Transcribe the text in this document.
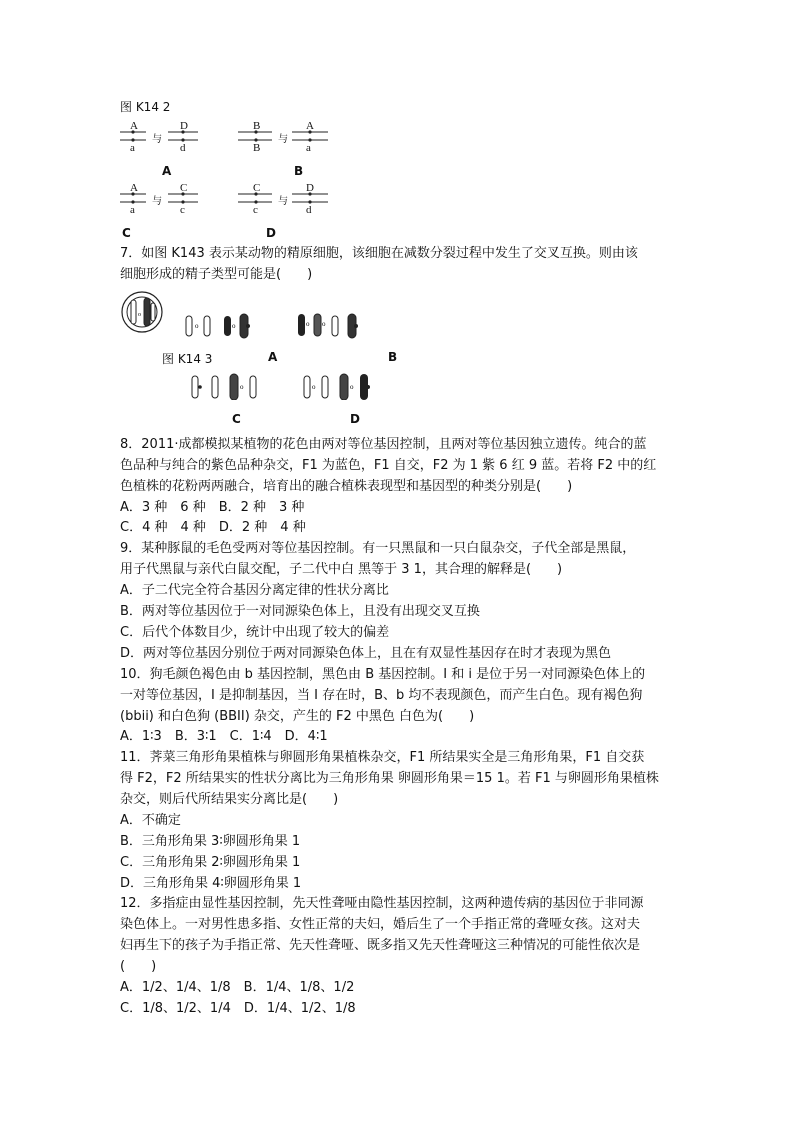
图 K14 2
A
a
与
D
d
A
B
B
与
A
a
B
A
a
与
C
c
C
C
c
与
D
d
D
7．如图 K143 表示某动物的精原细胞，该细胞在减数分裂过程中发生了交叉互换。则由该
细胞形成的精子类型可能是(　　)
o
o	o	o o
o	o	o
图 K14 3	A	B
C	D
8．2011·成都模拟某植物的花色由两对等位基因控制，且两对等位基因独立遗传。纯合的蓝
色品种与纯合的紫色品种杂交，F1 为蓝色，F1 自交，F2 为 1 紫 6 红 9 蓝。若将 F2 中的红
色植株的花粉两两融合，培育出的融合植株表现型和基因型的种类分别是(　　)
A．3 种　6 种　B．2 种　3 种
C．4 种　4 种　D．2 种　4 种
9．某种豚鼠的毛色受两对等位基因控制。有一只黑鼠和一只白鼠杂交，子代全部是黑鼠，
用子代黑鼠与亲代白鼠交配，子二代中白 黑等于 3 1，其合理的解释是(　　)
A．子二代完全符合基因分离定律的性状分离比
B．两对等位基因位于一对同源染色体上，且没有出现交叉互换
C．后代个体数目少，统计中出现了较大的偏差
D．两对等位基因分别位于两对同源染色体上，且在有双显性基因存在时才表现为黑色
10．狗毛颜色褐色由 b 基因控制，黑色由 B 基因控制。I 和 i 是位于另一对同源染色体上的
一对等位基因，I 是抑制基因，当 I 存在时，B、b 均不表现颜色，而产生白色。现有褐色狗
(bbii) 和白色狗 (BBII) 杂交，产生的 F2 中黑色 白色为(　　)
A．1∶3　B．3∶1　C．1∶4　D．4∶1
11．荠菜三角形角果植株与卵圆形角果植株杂交，F1 所结果实全是三角形角果，F1 自交获
得 F2，F2 所结果实的性状分离比为三角形角果 卵圆形角果＝15 1。若 F1 与卵圆形角果植株
杂交，则后代所结果实分离比是(　　)
A．不确定
B．三角形角果 3∶卵圆形角果 1
C．三角形角果 2∶卵圆形角果 1
D．三角形角果 4∶卵圆形角果 1
12．多指症由显性基因控制，先天性聋哑由隐性基因控制，这两种遗传病的基因位于非同源
染色体上。一对男性患多指、女性正常的夫妇，婚后生了一个手指正常的聋哑女孩。这对夫
妇再生下的孩子为手指正常、先天性聋哑、既多指又先天性聋哑这三种情况的可能性依次是
(　　)
A．1/2、1/4、1/8　B．1/4、1/8、1/2
C．1/8、1/2、1/4　D．1/4、1/2、1/8
